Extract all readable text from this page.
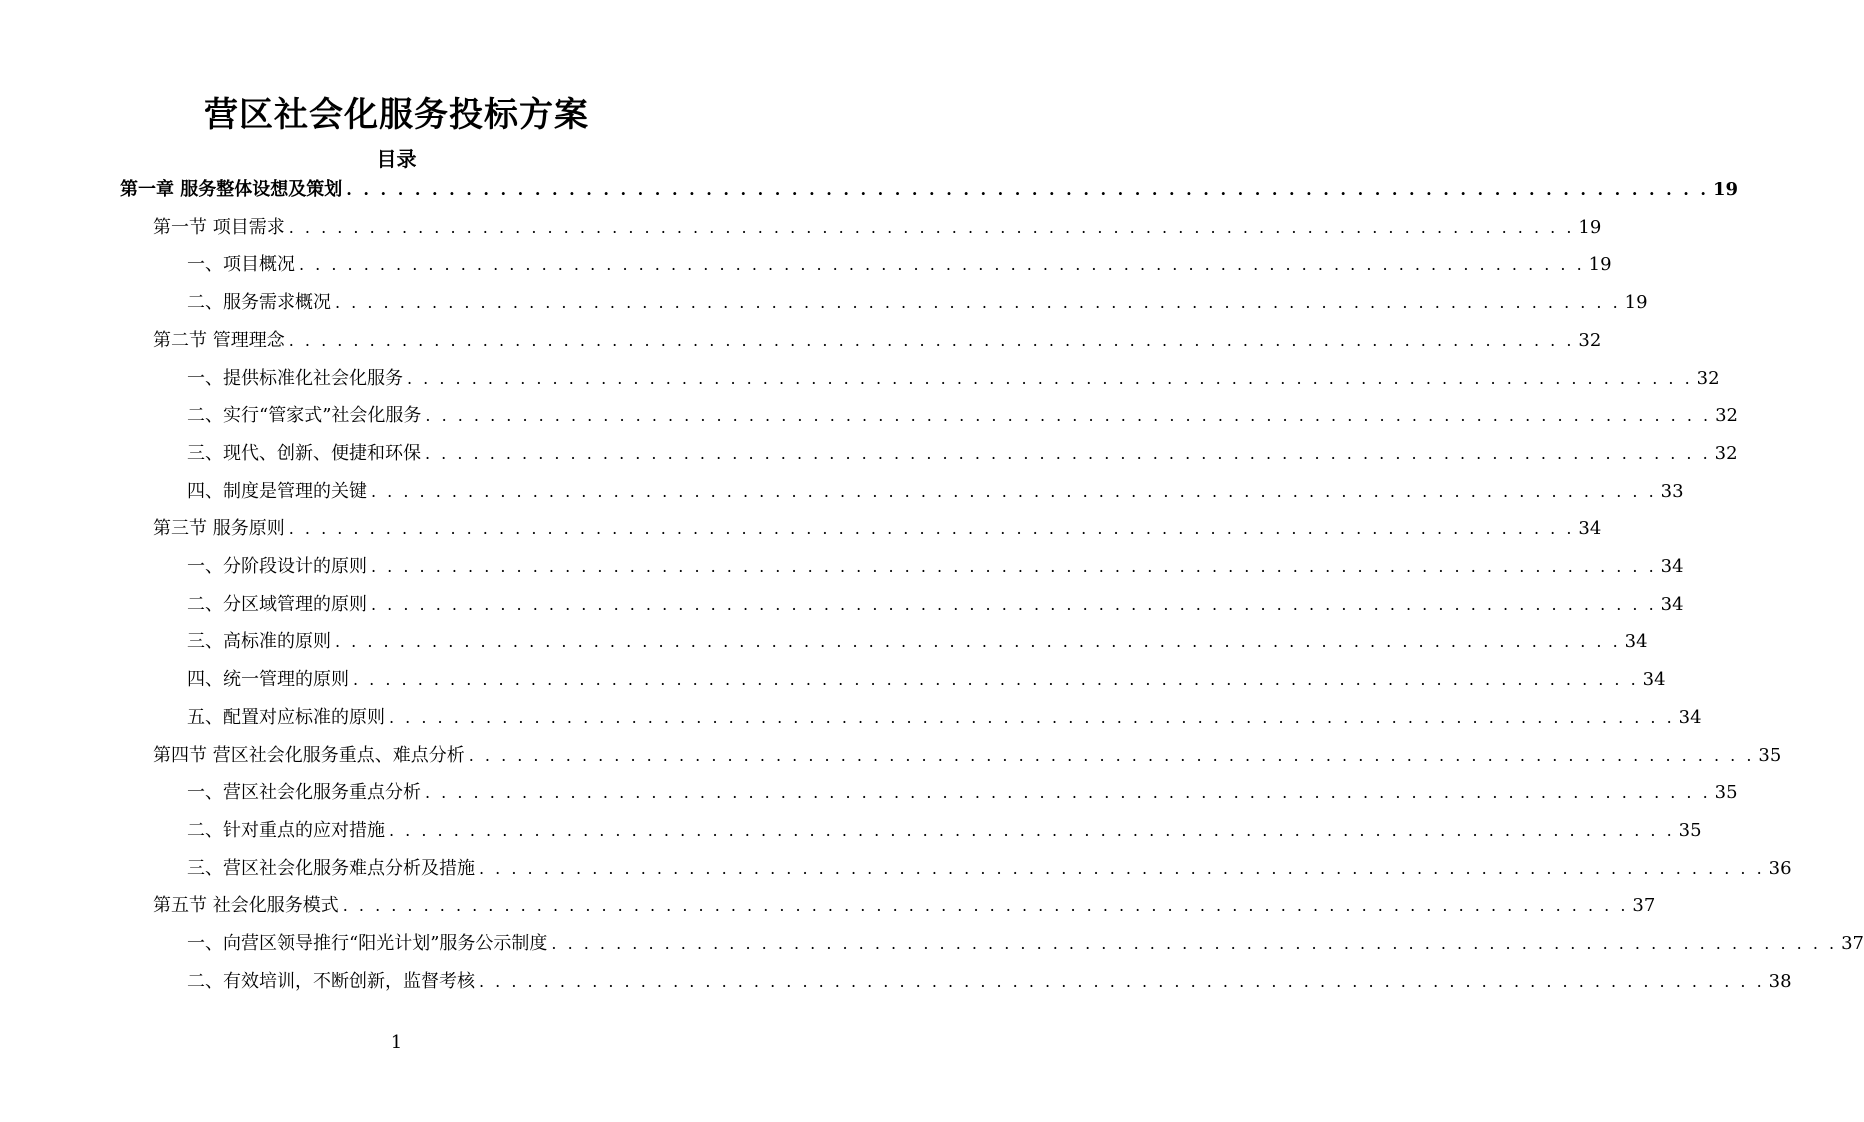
营区社会化服务投标方案
目录
第一章 服务整体设想及策划 . . . . . . . . . . . . . . . . . . . . . . . . . . . . . . . . . . . . . . . . . . . . . . . . . . . . . . . . . . . . . . . . . . . . . . . . . . . . . . . . 19
第一节 项目需求 . . . . . . . . . . . . . . . . . . . . . . . . . . . . . . . . . . . . . . . . . . . . . . . . . . . . . . . . . . . . . . . . . . . . . . . . . . . . . . . . 19
一、项目概况 . . . . . . . . . . . . . . . . . . . . . . . . . . . . . . . . . . . . . . . . . . . . . . . . . . . . . . . . . . . . . . . . . . . . . . . . . . . . . . . . 19
二、服务需求概况 . . . . . . . . . . . . . . . . . . . . . . . . . . . . . . . . . . . . . . . . . . . . . . . . . . . . . . . . . . . . . . . . . . . . . . . . . . . . . . . . 19
第二节 管理理念 . . . . . . . . . . . . . . . . . . . . . . . . . . . . . . . . . . . . . . . . . . . . . . . . . . . . . . . . . . . . . . . . . . . . . . . . . . . . . . . . 32
一、提供标准化社会化服务 . . . . . . . . . . . . . . . . . . . . . . . . . . . . . . . . . . . . . . . . . . . . . . . . . . . . . . . . . . . . . . . . . . . . . . . . . . . . . . . . 32
二、实行“管家式”社会化服务 . . . . . . . . . . . . . . . . . . . . . . . . . . . . . . . . . . . . . . . . . . . . . . . . . . . . . . . . . . . . . . . . . . . . . . . . . . . . . . . . 32
三、现代、创新、便捷和环保 . . . . . . . . . . . . . . . . . . . . . . . . . . . . . . . . . . . . . . . . . . . . . . . . . . . . . . . . . . . . . . . . . . . . . . . . . . . . . . . . 32
四、制度是管理的关键 . . . . . . . . . . . . . . . . . . . . . . . . . . . . . . . . . . . . . . . . . . . . . . . . . . . . . . . . . . . . . . . . . . . . . . . . . . . . . . . . 33
第三节 服务原则 . . . . . . . . . . . . . . . . . . . . . . . . . . . . . . . . . . . . . . . . . . . . . . . . . . . . . . . . . . . . . . . . . . . . . . . . . . . . . . . . 34
一、分阶段设计的原则 . . . . . . . . . . . . . . . . . . . . . . . . . . . . . . . . . . . . . . . . . . . . . . . . . . . . . . . . . . . . . . . . . . . . . . . . . . . . . . . . 34
二、分区域管理的原则 . . . . . . . . . . . . . . . . . . . . . . . . . . . . . . . . . . . . . . . . . . . . . . . . . . . . . . . . . . . . . . . . . . . . . . . . . . . . . . . . 34
三、高标准的原则 . . . . . . . . . . . . . . . . . . . . . . . . . . . . . . . . . . . . . . . . . . . . . . . . . . . . . . . . . . . . . . . . . . . . . . . . . . . . . . . . 34
四、统一管理的原则 . . . . . . . . . . . . . . . . . . . . . . . . . . . . . . . . . . . . . . . . . . . . . . . . . . . . . . . . . . . . . . . . . . . . . . . . . . . . . . . . 34
五、配置对应标准的原则 . . . . . . . . . . . . . . . . . . . . . . . . . . . . . . . . . . . . . . . . . . . . . . . . . . . . . . . . . . . . . . . . . . . . . . . . . . . . . . . . 34
第四节 营区社会化服务重点、难点分析 . . . . . . . . . . . . . . . . . . . . . . . . . . . . . . . . . . . . . . . . . . . . . . . . . . . . . . . . . . . . . . . . . . . . . . . . . . . . . . . . 35
一、营区社会化服务重点分析 . . . . . . . . . . . . . . . . . . . . . . . . . . . . . . . . . . . . . . . . . . . . . . . . . . . . . . . . . . . . . . . . . . . . . . . . . . . . . . . . 35
二、针对重点的应对措施 . . . . . . . . . . . . . . . . . . . . . . . . . . . . . . . . . . . . . . . . . . . . . . . . . . . . . . . . . . . . . . . . . . . . . . . . . . . . . . . . 35
三、营区社会化服务难点分析及措施 . . . . . . . . . . . . . . . . . . . . . . . . . . . . . . . . . . . . . . . . . . . . . . . . . . . . . . . . . . . . . . . . . . . . . . . . . . . . . . . . 36
第五节 社会化服务模式 . . . . . . . . . . . . . . . . . . . . . . . . . . . . . . . . . . . . . . . . . . . . . . . . . . . . . . . . . . . . . . . . . . . . . . . . . . . . . . . . 37
一、向营区领导推行“阳光计划”服务公示制度 . . . . . . . . . . . . . . . . . . . . . . . . . . . . . . . . . . . . . . . . . . . . . . . . . . . . . . . . . . . . . . . . . . . . . . . . . . . . . . . . 37
二、有效培训，不断创新，监督考核 . . . . . . . . . . . . . . . . . . . . . . . . . . . . . . . . . . . . . . . . . . . . . . . . . . . . . . . . . . . . . . . . . . . . . . . . . . . . . . . . 38
1
